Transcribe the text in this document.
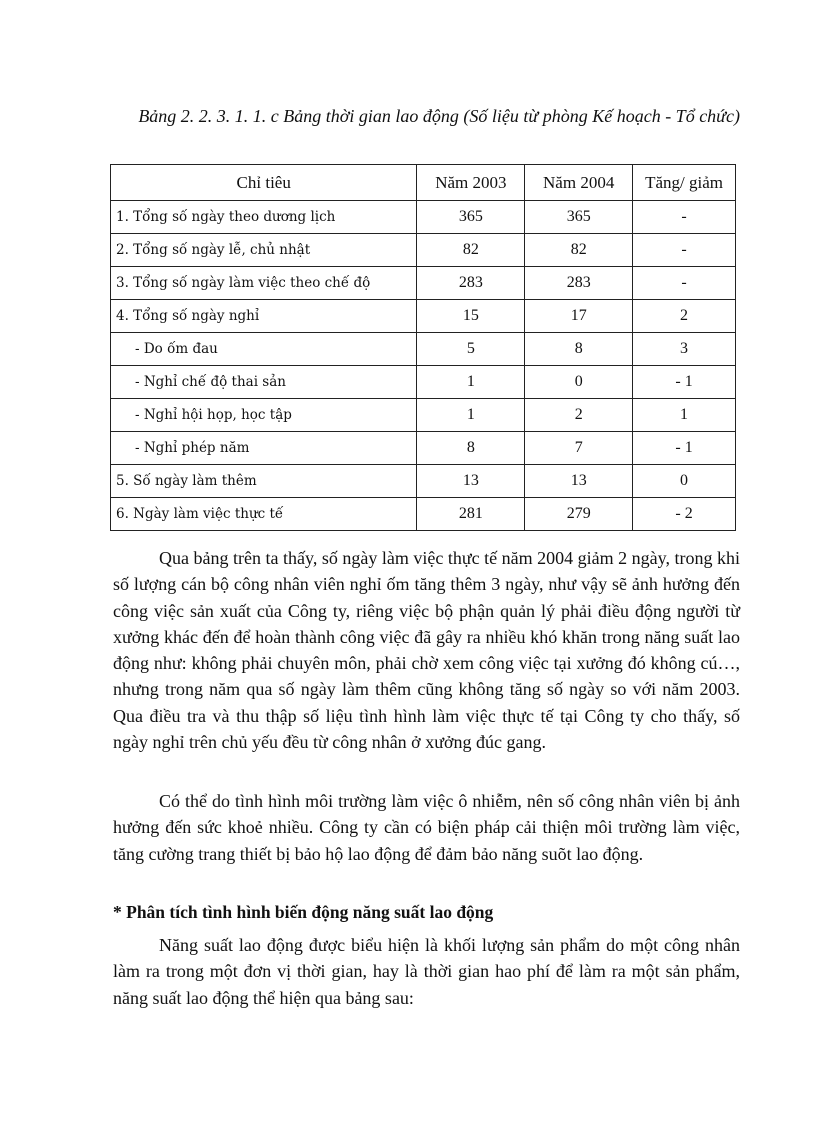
Bảng 2. 2. 3. 1. 1. c Bảng thời gian lao động (Số liệu từ phòng Kế hoạch - Tổ chức)
Chỉ tiêu	Năm 2003	Năm 2004	Tăng/ giảm
1. Tổng số ngày theo dương lịch	365	365	-
2. Tổng số ngày lễ, chủ nhật	82	82	-
3. Tổng số ngày làm việc theo chế độ	283	283	-
4. Tổng số ngày nghỉ	15	17	2
- Do ốm đau	5	8	3
- Nghỉ chế độ thai sản	1	0	- 1
- Nghỉ hội họp, học tập	1	2	1
- Nghỉ phép năm	8	7	- 1
5. Số ngày làm thêm	13	13	0
6. Ngày làm việc thực tế	281	279	- 2

Qua bảng trên ta thấy, số ngày làm việc thực tế năm 2004 giảm 2 ngày, trong khi số lượng cán bộ công nhân viên nghỉ ốm tăng thêm 3 ngày, như vậy sẽ ảnh hưởng đến công việc sản xuất của Công ty, riêng việc bộ phận quản lý phải điều động người từ xưởng khác đến để hoàn thành công việc đã gây ra nhiều khó khăn trong năng suất lao động như: không phải chuyên môn, phải chờ xem công việc tại xưởng đó không cú…, nhưng trong năm qua số ngày làm thêm cũng không tăng số ngày so với năm 2003. Qua điều tra và thu thập số liệu tình hình làm việc thực tế tại Công ty cho thấy, số ngày nghỉ trên chủ yếu đều từ công nhân ở xưởng đúc gang.

Có thể do tình hình môi trường làm việc ô nhiễm, nên số công nhân viên bị ảnh hưởng đến sức khoẻ nhiều. Công ty cần có biện pháp cải thiện môi trường làm việc, tăng cường trang thiết bị bảo hộ lao động để đảm bảo năng suõt lao động.

* Phân tích tình hình biến động năng suất lao động

Năng suất lao động được biểu hiện là khối lượng sản phẩm do một công nhân làm ra trong một đơn vị thời gian, hay là thời gian hao phí để làm ra một sản phẩm, năng suất lao động thể hiện qua bảng sau:
